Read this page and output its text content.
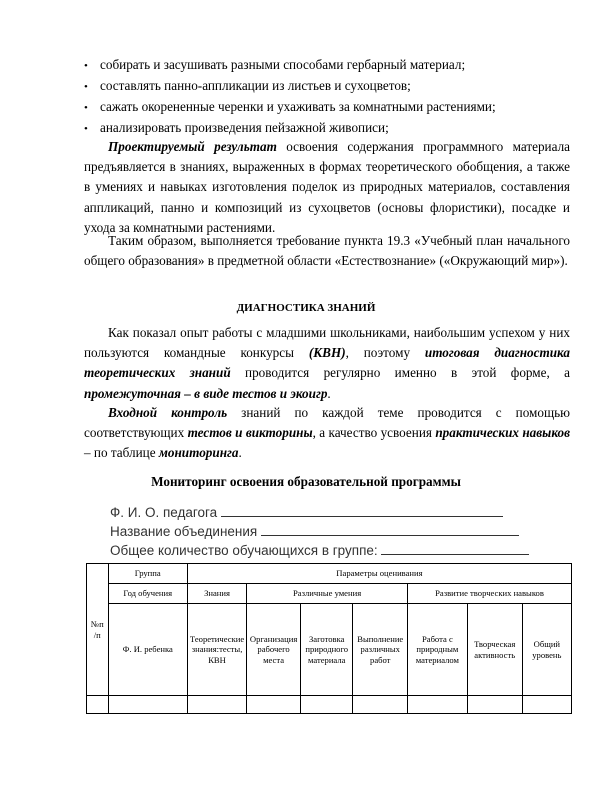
• собирать и засушивать разными способами гербарный материал;
• составлять панно-аппликации из листьев и сухоцветов;
• сажать окорененные черенки и ухаживать за комнатными растениями;
• анализировать произведения пейзажной живописи;

Проектируемый результат освоения содержания программного материала предъявляется в знаниях, выраженных в формах теоретического обобщения, а также в умениях и навыках изготовления поделок из природных материалов, составления аппликаций, панно и композиций из сухоцветов (основы флористики), посадке и ухода за комнатными растениями.

Таким образом, выполняется требование пункта 19.3 «Учебный план начального общего образования» в предметной области «Естествознание» («Окружающий мир»).

ДИАГНОСТИКА ЗНАНИЙ

Как показал опыт работы с младшими школьниками, наибольшим успехом у них пользуются командные конкурсы (КВН), поэтому итоговая диагностика теоретических знаний проводится регулярно именно в этой форме, а промежуточная – в виде тестов и экоигр.

Входной контроль знаний по каждой теме проводится с помощью соответствующих тестов и викторины, а качество усвоения практических навыков – по таблице мониторинга.

Мониторинг освоения образовательной программы
Ф. И. О. педагога
Название объединения
Общее количество обучающихся в группе:
№п /п	Группа	Параметры оценивания						
	Год обучения	Знания	Различные умения			Развитие творческих навыков		
	Ф. И. ребенка	Теоретические знания:тесты, КВН	Организация рабочего места	Заготовка природного материала	Выполнение различных работ	Работа с природным материалом	Творческая активность	Общий уровень
